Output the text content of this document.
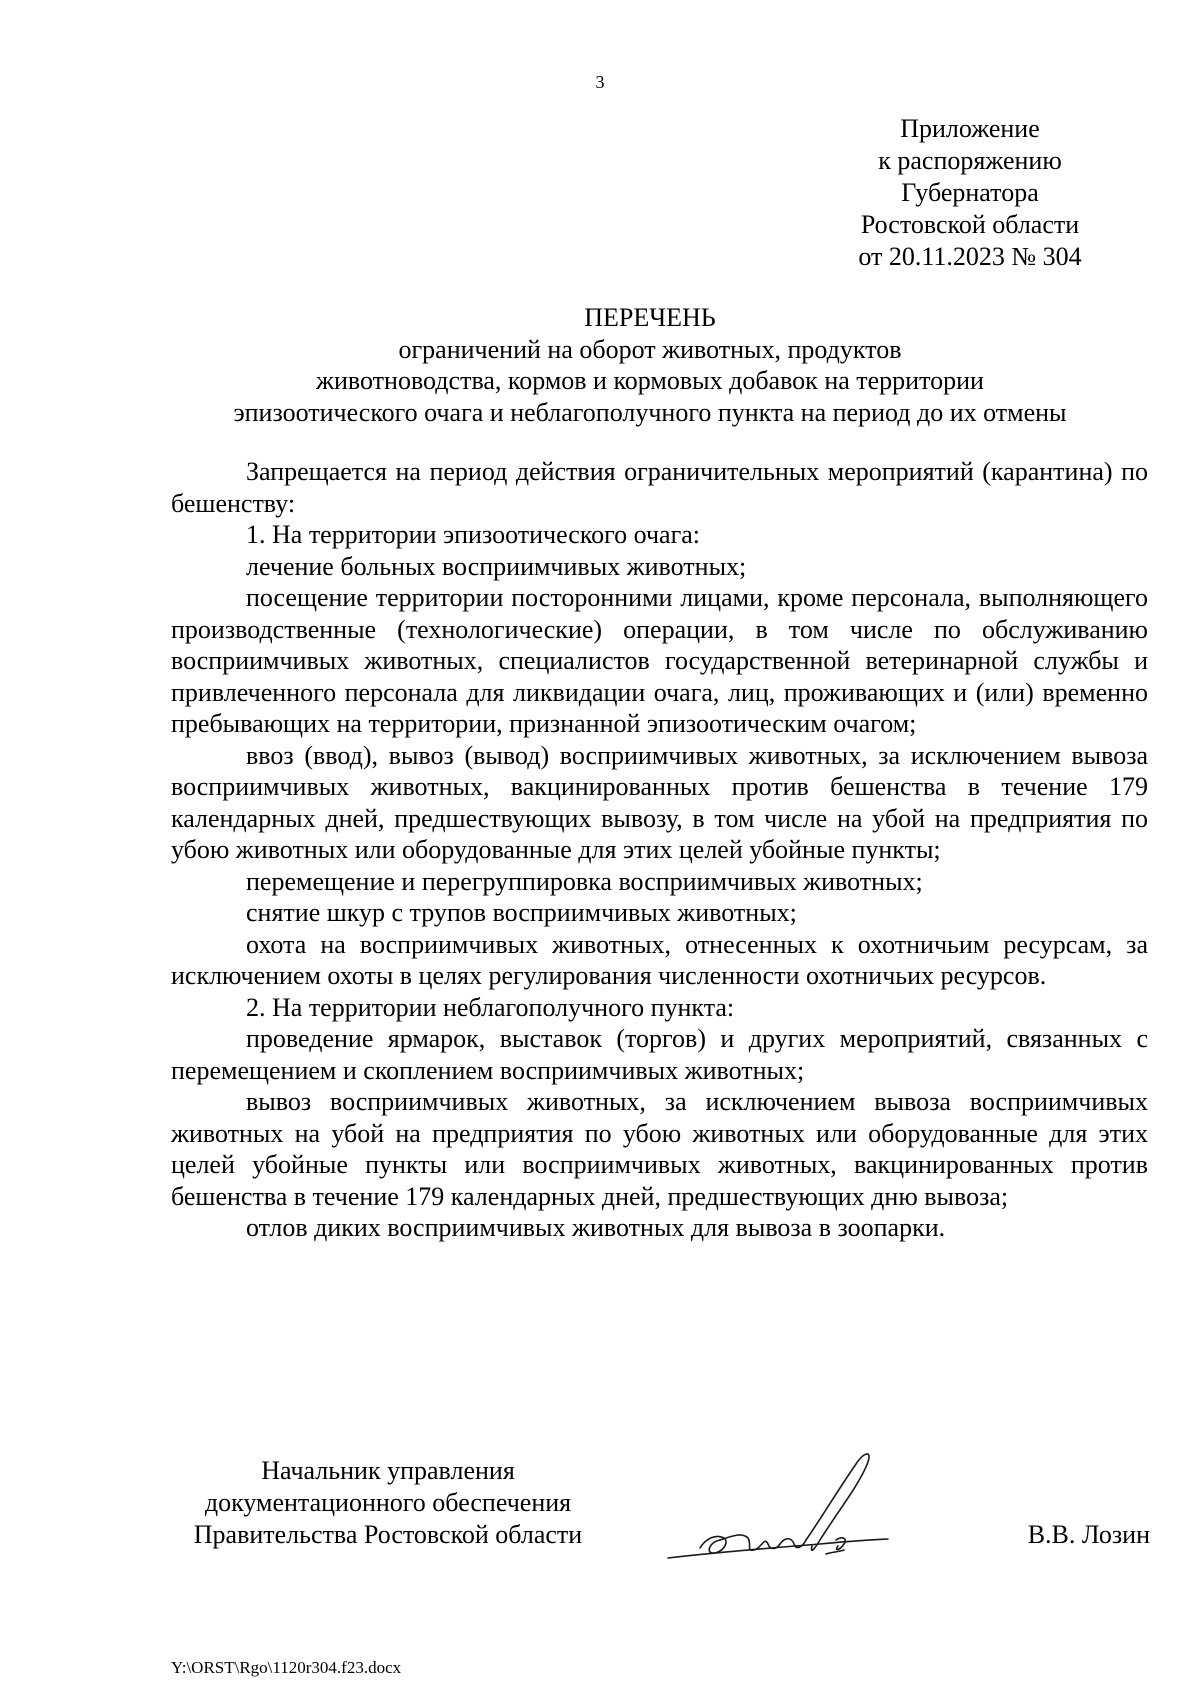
3
Приложение
к распоряжению
Губернатора
Ростовской области
от 20.11.2023 № 304
ПЕРЕЧЕНЬ
ограничений на оборот животных, продуктов
животноводства, кормов и кормовых добавок на территории
эпизоотического очага и неблагополучного пункта на период до их отмены

Запрещается на период действия ограничительных мероприятий (карантина) по бешенству:

1. На территории эпизоотического очага:

лечение больных восприимчивых животных;

посещение территории посторонними лицами, кроме персонала, выполняющего производственные (технологические) операции, в том числе по обслуживанию восприимчивых животных, специалистов государственной ветеринарной службы и привлеченного персонала для ликвидации очага, лиц, проживающих и (или) временно пребывающих на территории, признанной эпизоотическим очагом;

ввоз (ввод), вывоз (вывод) восприимчивых животных, за исключением вывоза восприимчивых животных, вакцинированных против бешенства в течение 179 календарных дней, предшествующих вывозу, в том числе на убой на предприятия по убою животных или оборудованные для этих целей убойные пункты;

перемещение и перегруппировка восприимчивых животных;

снятие шкур с трупов восприимчивых животных;

охота на восприимчивых животных, отнесенных к охотничьим ресурсам, за исключением охоты в целях регулирования численности охотничьих ресурсов.

2. На территории неблагополучного пункта:

проведение ярмарок, выставок (торгов) и других мероприятий, связанных с перемещением и скоплением восприимчивых животных;

вывоз восприимчивых животных, за исключением вывоза восприимчивых животных на убой на предприятия по убою животных или оборудованные для этих целей убойные пункты или восприимчивых животных, вакцинированных против бешенства в течение 179 календарных дней, предшествующих дню вывоза;

отлов диких восприимчивых животных для вывоза в зоопарки.

Начальник управления
документационного обеспечения
Правительства Ростовской области	В.В. Лозин
Y:\ORST\Rgo\1120r304.f23.docx
